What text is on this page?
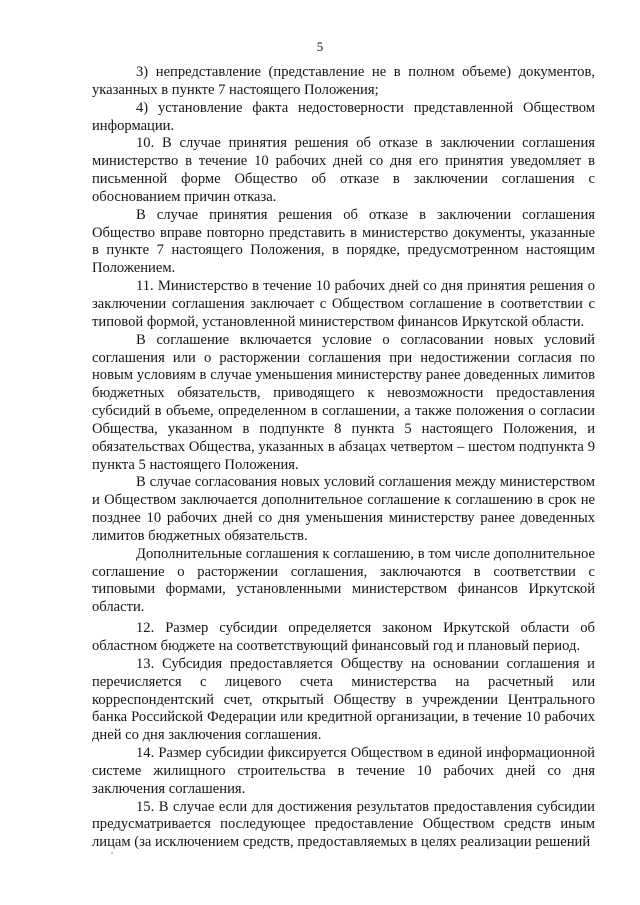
5

3) непредставление (представление не в полном объеме) документов, указанных в пункте 7 настоящего Положения;

4) установление факта недостоверности представленной Обществом информации.

10. В случае принятия решения об отказе в заключении соглашения министерство в течение 10 рабочих дней со дня его принятия уведомляет в письменной форме Общество об отказе в заключении соглашения с обоснованием причин отказа.

В случае принятия решения об отказе в заключении соглашения Общество вправе повторно представить в министерство документы, указанные в пункте 7 настоящего Положения, в порядке, предусмотренном настоящим Положением.

11. Министерство в течение 10 рабочих дней со дня принятия решения о заключении соглашения заключает с Обществом соглашение в соответствии с типовой формой, установленной министерством финансов Иркутской области.

В соглашение включается условие о согласовании новых условий соглашения или о расторжении соглашения при недостижении согласия по новым условиям в случае уменьшения министерству ранее доведенных лимитов бюджетных обязательств, приводящего к невозможности предоставления субсидий в объеме, определенном в соглашении, а также положения о согласии Общества, указанном в подпункте 8 пункта 5 настоящего Положения, и обязательствах Общества, указанных в абзацах четвертом – шестом подпункта 9 пункта 5 настоящего Положения.

В случае согласования новых условий соглашения между министерством и Обществом заключается дополнительное соглашение к соглашению в срок не позднее 10 рабочих дней со дня уменьшения министерству ранее доведенных лимитов бюджетных обязательств.

Дополнительные соглашения к соглашению, в том числе дополнительное соглашение о расторжении соглашения, заключаются в соответствии с типовыми формами, установленными министерством финансов Иркутской области.

12. Размер субсидии определяется законом Иркутской области об областном бюджете на соответствующий финансовый год и плановый период.

13. Субсидия предоставляется Обществу на основании соглашения и перечисляется с лицевого счета министерства на расчетный или корреспондентский счет, открытый Обществу в учреждении Центрального банка Российской Федерации или кредитной организации, в течение 10 рабочих дней со дня заключения соглашения.

14. Размер субсидии фиксируется Обществом в единой информационной системе жилищного строительства в течение 10 рабочих дней со дня заключения соглашения.

15. В случае если для достижения результатов предоставления субсидии предусматривается последующее предоставление Обществом средств иным лицам (за исключением средств, предоставляемых в целях реализации решений
